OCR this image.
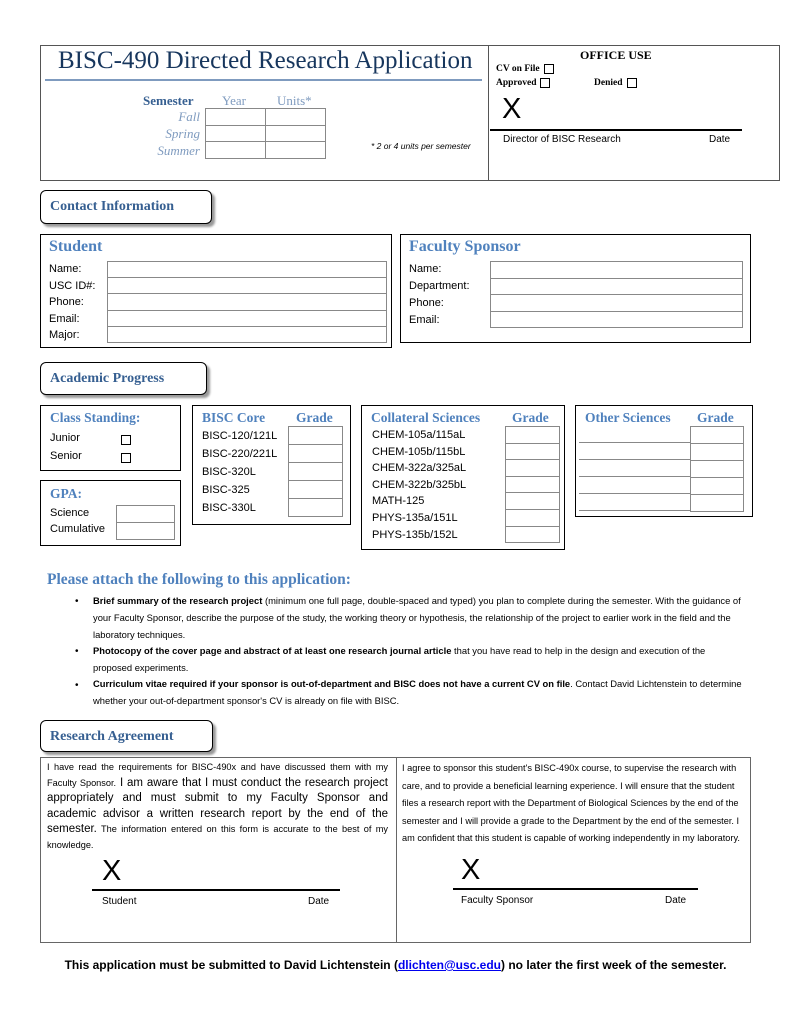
BISC-490 Directed Research Application
Semester Year Units*
Fall
Spring
Summer	* 2 or 4 units per semester
OFFICE USE
CV on File
Approved	Denied
X
Director of BISC Research	Date
Contact Information
Student
Name:
USC ID#:
Phone:
Email:
Major:
Faculty Sponsor
Name:
Department:
Phone:
Email:
Academic Progress
Class Standing:
Junior
Senior
GPA:
Science
Cumulative
BISC Core Grade
BISC-120/121L
BISC-220/221L
BISC-320L
BISC-325
BISC-330L
Collateral Sciences Grade
CHEM-105a/115aL
CHEM-105b/115bL
CHEM-322a/325aL
CHEM-322b/325bL
MATH-125
PHYS-135a/151L
PHYS-135b/152L
Other Sciences Grade
Please attach the following to this application:
• Brief summary of the research project (minimum one full page, double-spaced and typed) you plan to complete during the semester. With the guidance of your Faculty Sponsor, describe the purpose of the study, the working theory or hypothesis, the relationship of the project to earlier work in the field and the laboratory techniques.
• Photocopy of the cover page and abstract of at least one research journal article that you have read to help in the design and execution of the proposed experiments.
• Curriculum vitae required if your sponsor is out-of-department and BISC does not have a current CV on file. Contact David Lichtenstein to determine whether your out-of-department sponsor's CV is already on file with BISC.
Research Agreement
I have read the requirements for BISC-490x and have discussed them with my Faculty Sponsor. I am aware that I must conduct the research project appropriately and must submit to my Faculty Sponsor and academic advisor a written research report by the end of the semester. The information entered on this form is accurate to the best of my knowledge.
I agree to sponsor this student's BISC-490x course, to supervise the research with care, and to provide a beneficial learning experience. I will ensure that the student files a research report with the Department of Biological Sciences by the end of the semester and I will provide a grade to the Department by the end of the semester. I am confident that this student is capable of working independently in my laboratory.
X
Student	Date
X
Faculty Sponsor	Date
This application must be submitted to David Lichtenstein (dlichten@usc.edu) no later the first week of the semester.
